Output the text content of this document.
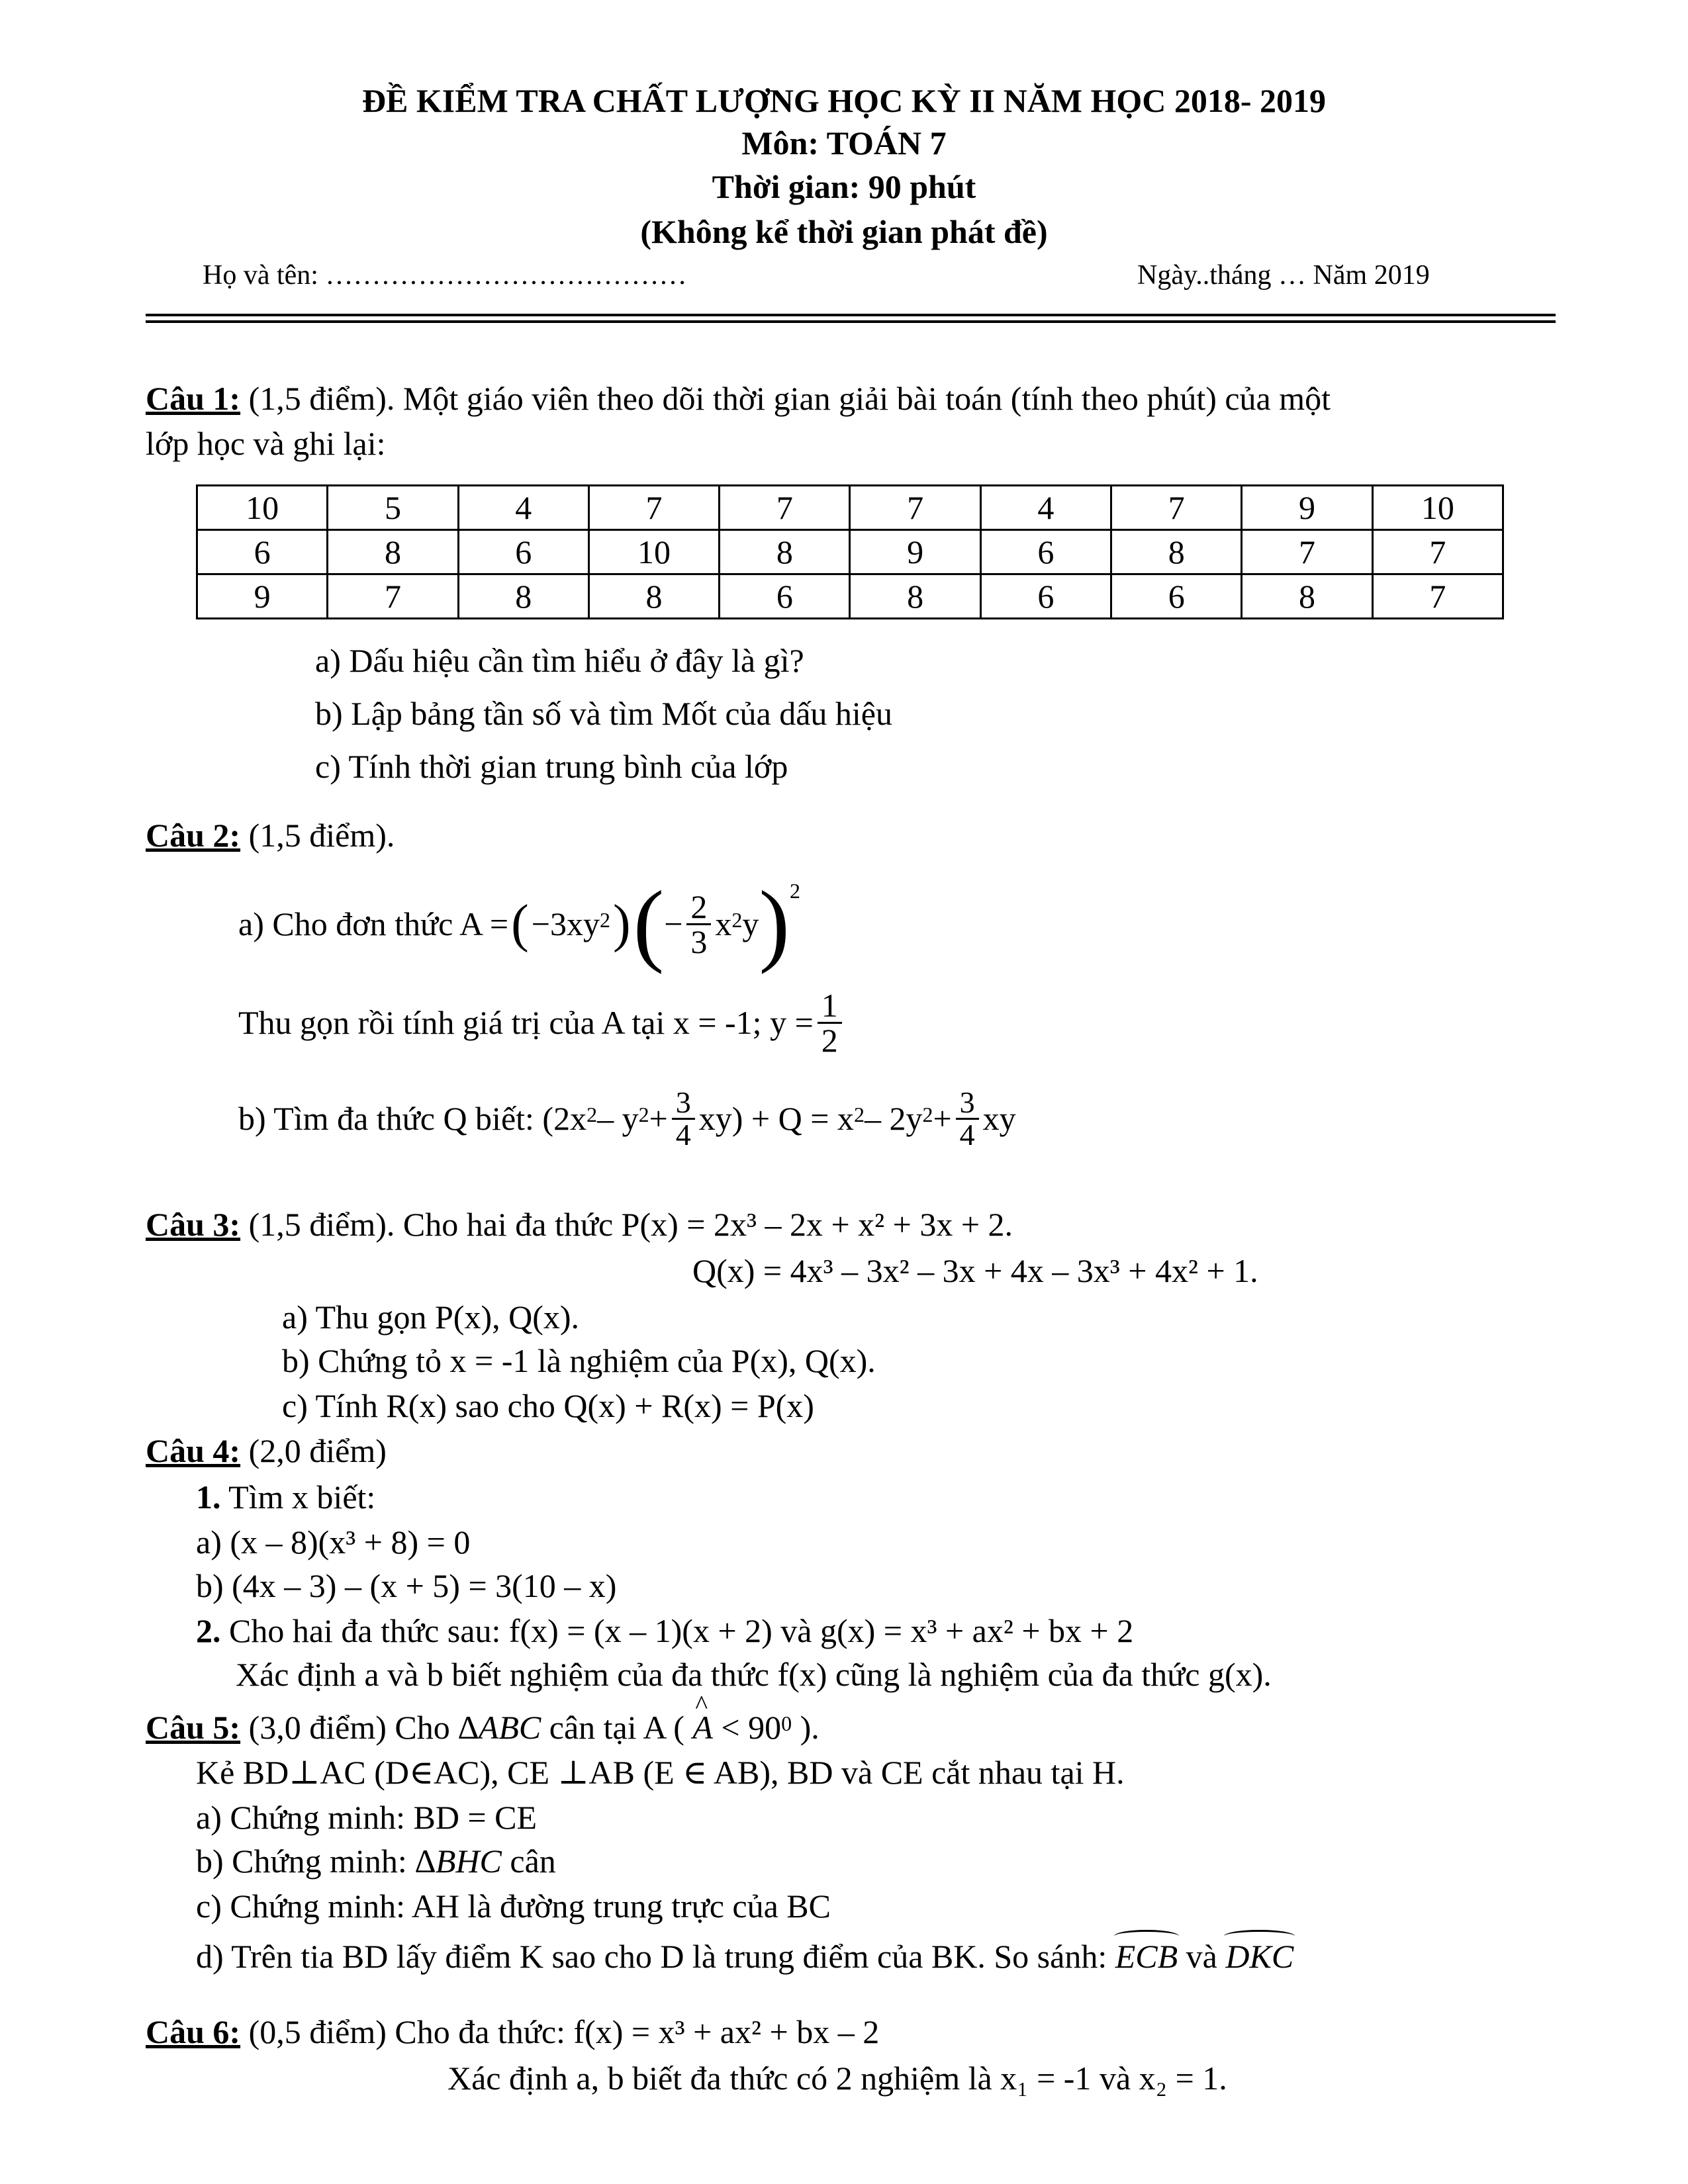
ĐỀ KIỂM TRA CHẤT LƯỢNG HỌC KỲ II NĂM HỌC 2018- 2019
Môn: TOÁN 7
Thời gian: 90 phút
(Không kể thời gian phát đề)
Họ và tên: …………………………………	Ngày..tháng … Năm 2019
Câu 1: (1,5 điểm). Một giáo viên theo dõi thời gian giải bài toán (tính theo phút) của một
lớp học và ghi lại:
10	5	4	7	7	7	4	7	9	10
6	8	6	10	8	9	6	8	7	7
9	7	8	8	6	8	6	6	8	7
a) Dấu hiệu cần tìm hiểu ở đây là gì?
b) Lập bảng tần số và tìm Mốt của dấu hiệu
c) Tính thời gian trung bình của lớp
Câu 2: (1,5 điểm).
a) Cho đơn thức A = ( $-3xy^2$ ) ( − $\frac{2}{3} x^2$ y )$^2$
Thu gọn rồi tính giá trị của A tại x = -1; $y = \frac{1}{2}$
b) Tìm đa thức Q biết: $(2x^2 - y^2 + \frac{3}{4} xy) + Q = x^2 - 2y^2 + \frac{3}{4}$ xy
Câu 3: (1,5 điểm). Cho hai đa thức P(x) = 2x³ – 2x + x² + 3x + 2.
Q(x) = 4x³ – 3x² – 3x + 4x – 3x³ + 4x² + 1.
a) Thu gọn P(x), Q(x).
b) Chứng tỏ x = -1 là nghiệm của P(x), Q(x).
c) Tính R(x) sao cho Q(x) + R(x) = P(x)
Câu 4: (2,0 điểm)
1. Tìm x biết:
a) (x – 8)(x³ + 8) = 0
b) (4x – 3) – (x + 5) = 3(10 – x)
2. Cho hai đa thức sau: f(x) = (x – 1)(x + 2) và g(x) = x³ + ax² + bx + 2
Xác định a và b biết nghiệm của đa thức f(x) cũng là nghiệm của đa thức g(x).
Câu 5: (3,0 điểm) Cho ∆ABC cân tại A ( ^ $A < 90^0$ ).
Kẻ BD⊥AC (D∈AC), CE ⊥AB (E ∈ AB), BD và CE cắt nhau tại H.
a) Chứng minh: BD = CE
b) Chứng minh: ∆BHC cân
c) Chứng minh: AH là đường trung trực của BC
d) Trên tia BD lấy điểm K sao cho D là trung điểm của BK. So sánh: ECB và DKC
Câu 6: (0,5 điểm) Cho đa thức: f(x) = x³ + ax² + bx – 2
Xác định a, b biết đa thức có 2 nghiệm là x₁ = -1 và x₂ = 1.
